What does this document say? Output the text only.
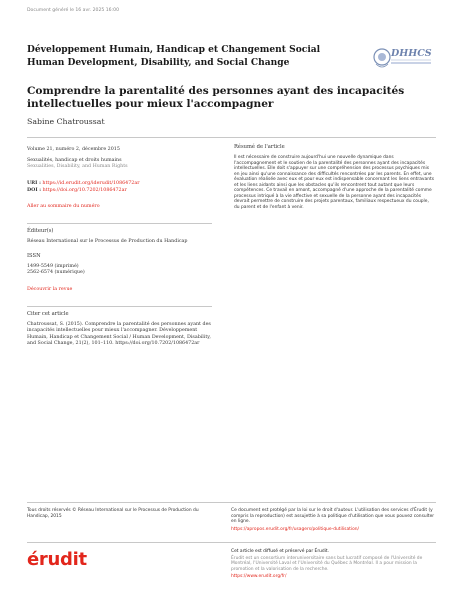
Document généré le 16 avr. 2025 16:00
Développement Humain, Handicap et Changement Social
Human Development, Disability, and Social Change
DHHCS
Comprendre la parentalité des personnes ayant des incapacités intellectuelles pour mieux l'accompagner
Sabine Chatroussat
Volume 21, numéro 2, décembre 2015
Sexualités, handicap et droits humains
Sexualities, Disability, and Human Rights
URI : https://id.erudit.org/iderudit/1086472ar
DOI : https://doi.org/10.7202/1086472ar
Aller au sommaire du numéro
Éditeur(s)
Réseau International sur le Processus de Production du Handicap
ISSN
1499-5549 (imprimé)
2562-6574 (numérique)
Découvrir la revue
Citer cet article
Chatroussat, S. (2015). Comprendre la parentalité des personnes ayant des incapacités intellectuelles pour mieux l'accompagner. Développement Humain, Handicap et Changement Social / Human Development, Disability, and Social Change, 21(2), 101–110. https://doi.org/10.7202/1086472ar
Résumé de l'article
Il est nécessaire de construire aujourd'hui une nouvelle dynamique dans l'accompagnement et le soutien de la parentalité des personnes ayant des incapacités intellectuelles. Elle doit s'appuyer sur une compréhension des processus psychiques mis en jeu ainsi qu'une connaissance des difficultés rencontrées par les parents. En effet, une évaluation réalisée avec eux et pour eux est indispensable concernant les liens entravants et les liens aidants ainsi que les obstacles qu'ils rencontrent tout autant que leurs compétences. Ce travail en amont, accompagné d'une approche de la parentalité comme processus intriqué à la vie affective et sexuelle de la personne ayant des incapacités devrait permettre de construire des projets parentaux, familiaux respectueux du couple, du parent et de l'enfant à venir.
Tous droits réservés © Réseau International sur le Processus de Production du Handicap, 2015
Ce document est protégé par la loi sur le droit d'auteur. L'utilisation des services d'Érudit (y compris la reproduction) est assujettie à sa politique d'utilisation que vous pouvez consulter en ligne.
https://apropos.erudit.org/fr/usagers/politique-dutilisation/
érudit	Cet article est diffusé et préservé par Érudit.
Érudit est un consortium interuniversitaire sans but lucratif composé de l'Université de Montréal, l'Université Laval et l'Université du Québec à Montréal. Il a pour mission la promotion et la valorisation de la recherche.
https://www.erudit.org/fr/
